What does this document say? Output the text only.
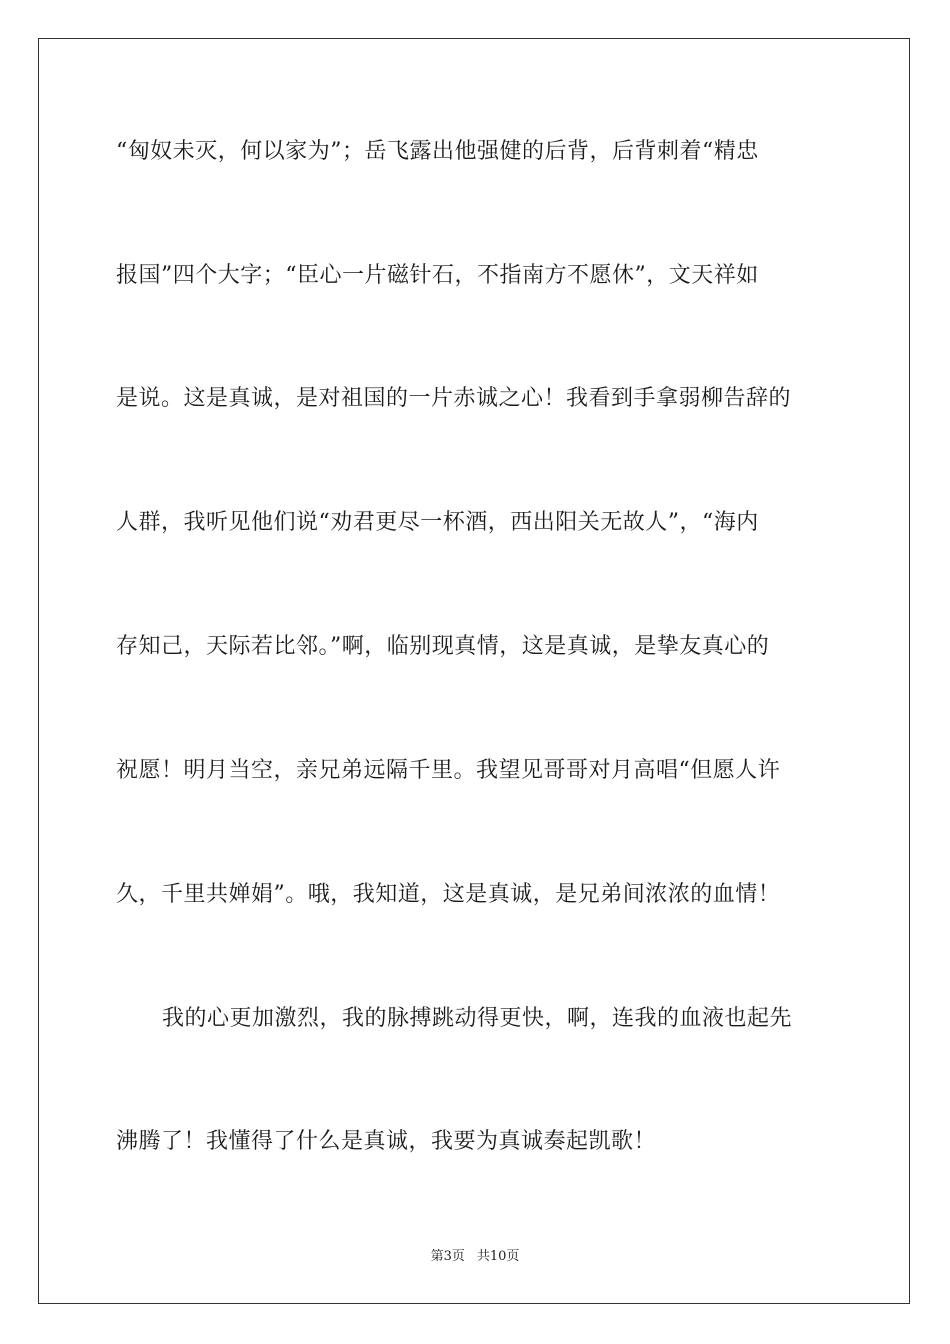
“匈奴未灭，何以家为”；岳飞露出他强健的后背，后背刺着“精忠
报国”四个大字；“臣心一片磁针石，不指南方不愿休”，文天祥如
是说。这是真诚，是对祖国的一片赤诚之心！我看到手拿弱柳告辞的
人群，我听见他们说“劝君更尽一杯酒，西出阳关无故人”，“海内
存知己，天际若比邻。”啊，临别现真情，这是真诚，是挚友真心的
祝愿！明月当空，亲兄弟远隔千里。我望见哥哥对月高唱“但愿人许
久，千里共婵娟”。哦，我知道，这是真诚，是兄弟间浓浓的血情！
我的心更加激烈，我的脉搏跳动得更快，啊，连我的血液也起先
沸腾了！我懂得了什么是真诚，我要为真诚奏起凯歌！
第3页 共10页
